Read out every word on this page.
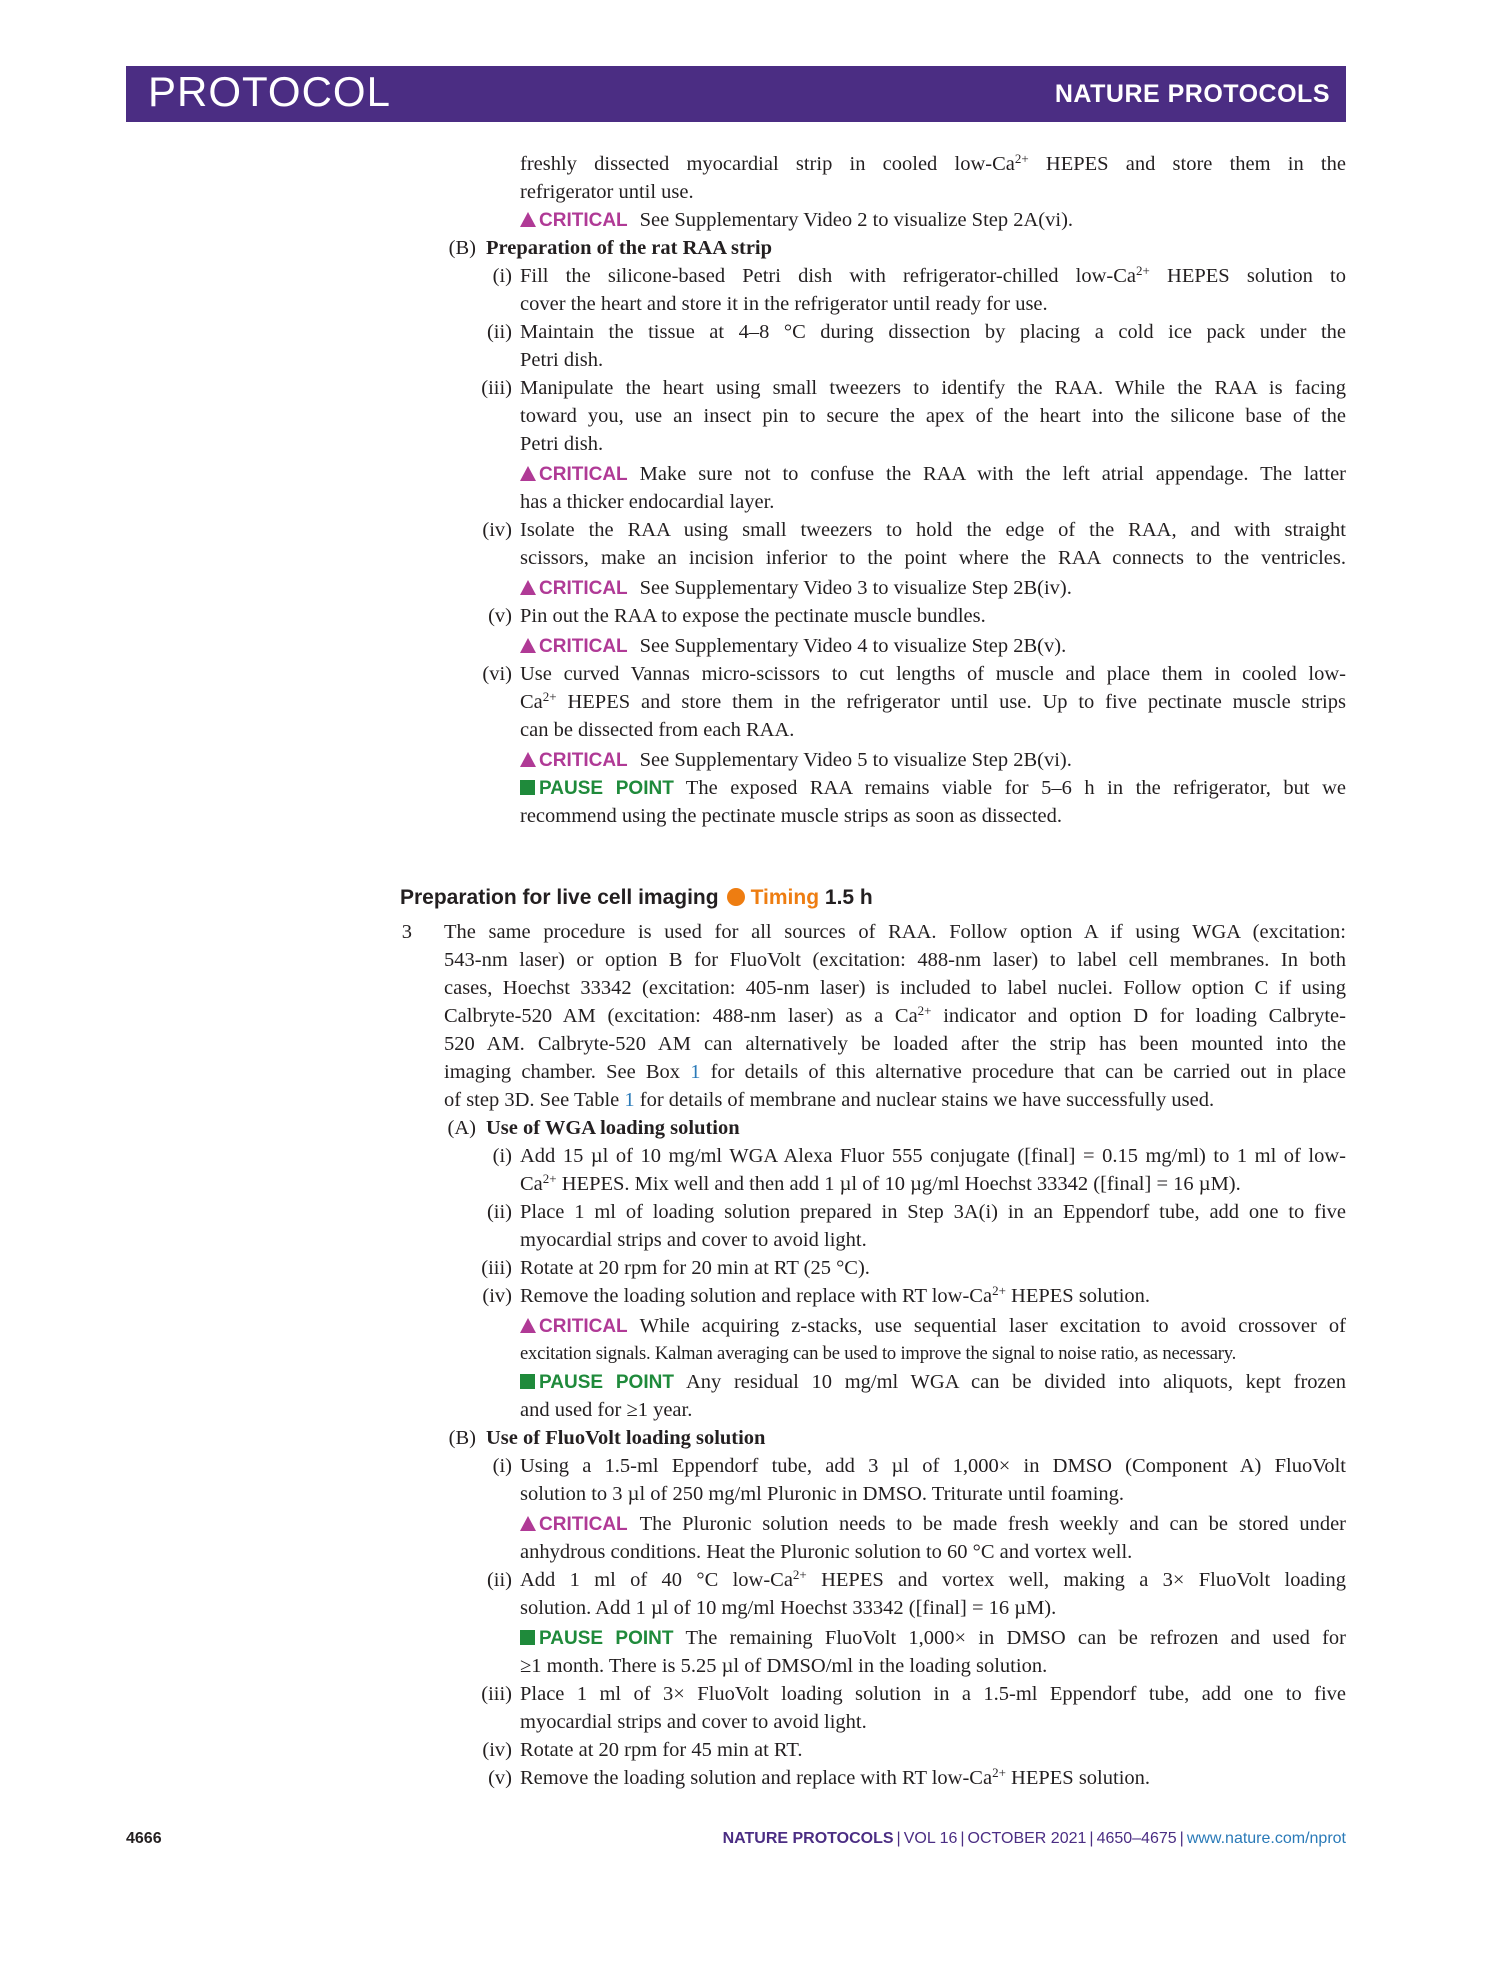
PROTOCOL	NATURE PROTOCOLS
freshly dissected myocardial strip in cooled low-$Ca^{2+}$ HEPES and store them in the
refrigerator until use.
CRITICAL See Supplementary Video 2 to visualize Step 2A(vi).
(B) Preparation of the rat RAA strip
(i) Fill the silicone-based Petri dish with refrigerator-chilled low-$Ca^{2+}$ HEPES solution to
cover the heart and store it in the refrigerator until ready for use.
(ii) Maintain the tissue at 4–8 °C during dissection by placing a cold ice pack under the
Petri dish.
(iii) Manipulate the heart using small tweezers to identify the RAA. While the RAA is facing
toward you, use an insect pin to secure the apex of the heart into the silicone base of the
Petri dish.
CRITICAL Make sure not to confuse the RAA with the left atrial appendage. The latter
has a thicker endocardial layer.
(iv) Isolate the RAA using small tweezers to hold the edge of the RAA, and with straight
scissors, make an incision inferior to the point where the RAA connects to the ventricles.
CRITICAL See Supplementary Video 3 to visualize Step 2B(iv).
(v) Pin out the RAA to expose the pectinate muscle bundles.
CRITICAL See Supplementary Video 4 to visualize Step 2B(v).
(vi) Use curved Vannas micro-scissors to cut lengths of muscle and place them in cooled low-
$Ca^{2+}$ HEPES and store them in the refrigerator until use. Up to five pectinate muscle strips
can be dissected from each RAA.
CRITICAL See Supplementary Video 5 to visualize Step 2B(vi).
PAUSE POINT The exposed RAA remains viable for 5–6 h in the refrigerator, but we
recommend using the pectinate muscle strips as soon as dissected.
Preparation for live cell imaging Timing 1.5 h
3 The same procedure is used for all sources of RAA. Follow option A if using WGA (excitation:
543-nm laser) or option B for FluoVolt (excitation: 488-nm laser) to label cell membranes. In both
cases, Hoechst 33342 (excitation: 405-nm laser) is included to label nuclei. Follow option C if using
Calbryte-520 AM (excitation: 488-nm laser) as a $Ca^{2+}$ indicator and option D for loading Calbryte-
520 AM. Calbryte-520 AM can alternatively be loaded after the strip has been mounted into the
imaging chamber. See Box 1 for details of this alternative procedure that can be carried out in place
of step 3D. See Table 1 for details of membrane and nuclear stains we have successfully used.
(A) Use of WGA loading solution
(i) Add 15 µl of 10 mg/ml WGA Alexa Fluor 555 conjugate ([final] = 0.15 mg/ml) to 1 ml of low-
$Ca^{2+}$ HEPES. Mix well and then add 1 µl of 10 µg/ml Hoechst 33342 ([final] = 16 µM).
(ii) Place 1 ml of loading solution prepared in Step 3A(i) in an Eppendorf tube, add one to five
myocardial strips and cover to avoid light.
(iii) Rotate at 20 rpm for 20 min at RT (25 °C).
(iv) Remove the loading solution and replace with RT low-$Ca^{2+}$ HEPES solution.
CRITICAL While acquiring z-stacks, use sequential laser excitation to avoid crossover of
excitation signals. Kalman averaging can be used to improve the signal to noise ratio, as necessary.
PAUSE POINT Any residual 10 mg/ml WGA can be divided into aliquots, kept frozen
and used for ≥1 year.
(B) Use of FluoVolt loading solution
(i) Using a 1.5-ml Eppendorf tube, add 3 µl of 1,000× in DMSO (Component A) FluoVolt
solution to 3 µl of 250 mg/ml Pluronic in DMSO. Triturate until foaming.
CRITICAL The Pluronic solution needs to be made fresh weekly and can be stored under
anhydrous conditions. Heat the Pluronic solution to 60 °C and vortex well.
(ii) Add 1 ml of 40 °C low-$Ca^{2+}$ HEPES and vortex well, making a 3× FluoVolt loading
solution. Add 1 µl of 10 mg/ml Hoechst 33342 ([final] = 16 µM).
PAUSE POINT The remaining FluoVolt 1,000× in DMSO can be refrozen and used for
≥1 month. There is 5.25 µl of DMSO/ml in the loading solution.
(iii) Place 1 ml of 3× FluoVolt loading solution in a 1.5-ml Eppendorf tube, add one to five
myocardial strips and cover to avoid light.
(iv) Rotate at 20 rpm for 45 min at RT.
(v) Remove the loading solution and replace with RT low-$Ca^{2+}$ HEPES solution.
4666	NATURE PROTOCOLS | VOL 16 | OCTOBER 2021 | 4650–4675 | www.nature.com/nprot
